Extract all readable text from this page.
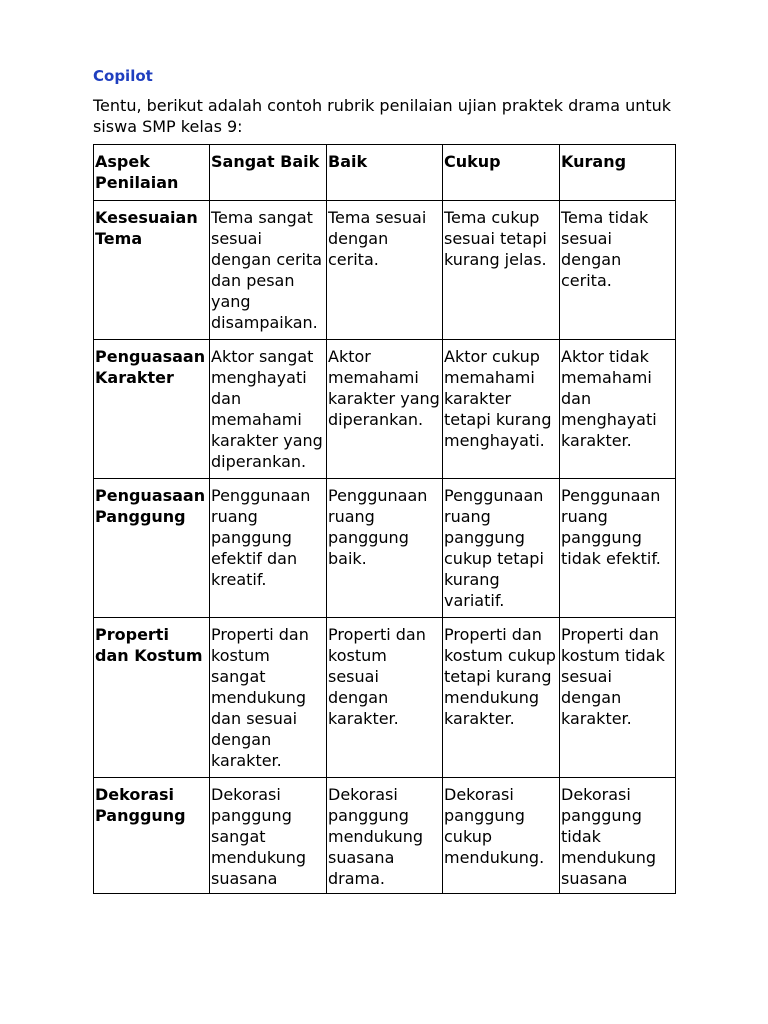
Copilot
Tentu, berikut adalah contoh rubrik penilaian ujian praktek drama untuk siswa SMP kelas 9:
Aspek Penilaian	Sangat Baik	Baik	Cukup	Kurang
Kesesuaian Tema	Tema sangat sesuai dengan cerita dan pesan yang disampaikan.	Tema sesuai dengan cerita.	Tema cukup sesuai tetapi kurang jelas.	Tema tidak sesuai dengan cerita.
Penguasaan Karakter	Aktor sangat menghayati dan memahami karakter yang diperankan.	Aktor memahami karakter yang diperankan.	Aktor cukup memahami karakter tetapi kurang menghayati.	Aktor tidak memahami dan menghayati karakter.
Penguasaan Panggung	Penggunaan ruang panggung efektif dan kreatif.	Penggunaan ruang panggung baik.	Penggunaan ruang panggung cukup tetapi kurang variatif.	Penggunaan ruang panggung tidak efektif.
Properti dan Kostum	Properti dan kostum sangat mendukung dan sesuai dengan karakter.	Properti dan kostum sesuai dengan karakter.	Properti dan kostum cukup tetapi kurang mendukung karakter.	Properti dan kostum tidak sesuai dengan karakter.
Dekorasi Panggung	Dekorasi panggung sangat mendukung suasana	Dekorasi panggung mendukung suasana drama.	Dekorasi panggung cukup mendukung.	Dekorasi panggung tidak mendukung suasana
